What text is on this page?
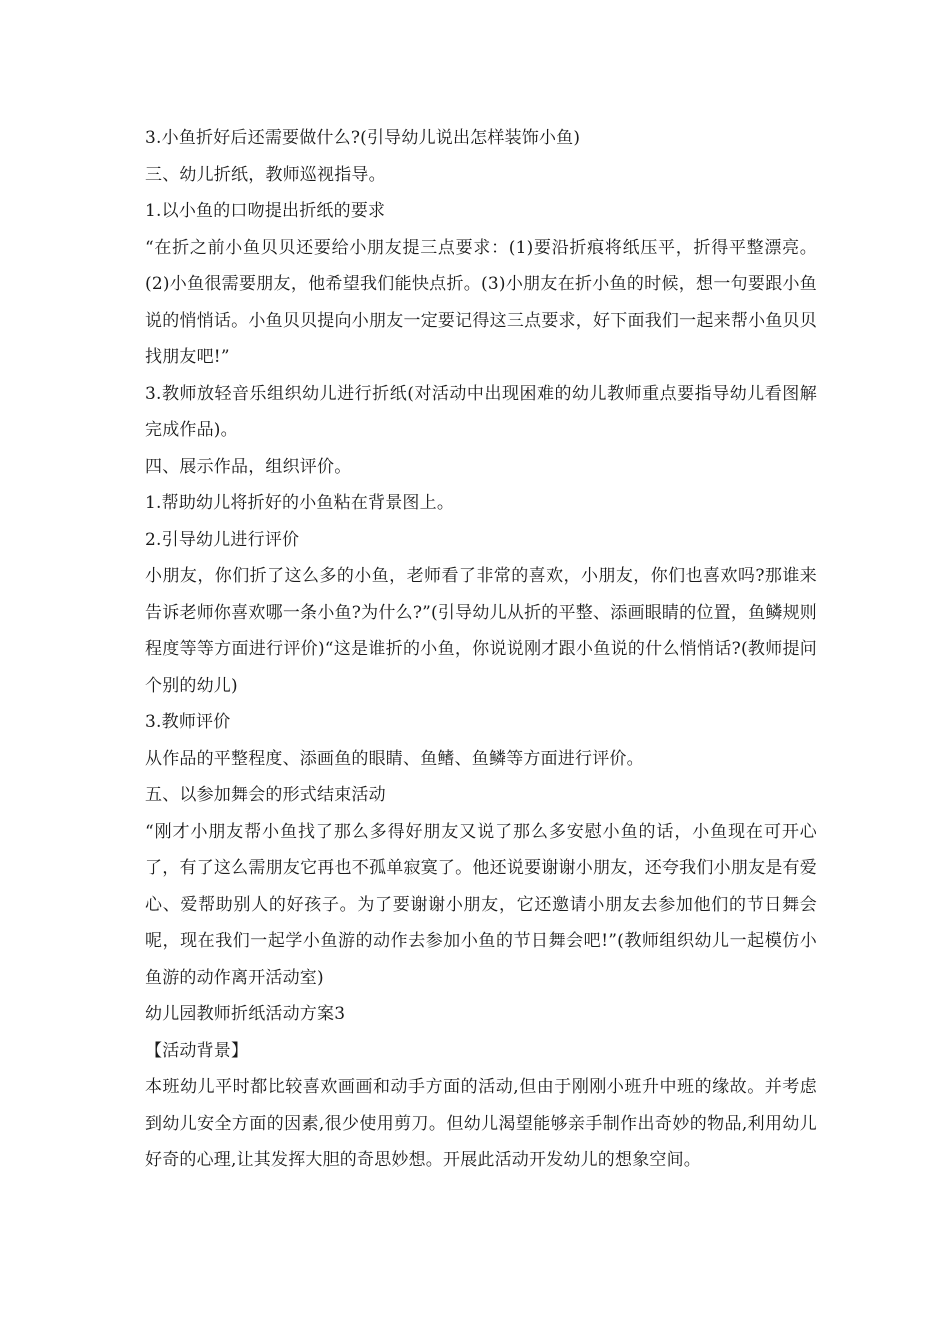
3.小鱼折好后还需要做什么?(引导幼儿说出怎样装饰小鱼)

三、幼儿折纸，教师巡视指导。

1.以小鱼的口吻提出折纸的要求

“在折之前小鱼贝贝还要给小朋友提三点要求：(1)要沿折痕将纸压平，折得平整漂亮。(2)小鱼很需要朋友，他希望我们能快点折。(3)小朋友在折小鱼的时候，想一句要跟小鱼说的悄悄话。小鱼贝贝提向小朋友一定要记得这三点要求，好下面我们一起来帮小鱼贝贝找朋友吧!”

3.教师放轻音乐组织幼儿进行折纸(对活动中出现困难的幼儿教师重点要指导幼儿看图解完成作品)。

四、展示作品，组织评价。

1.帮助幼儿将折好的小鱼粘在背景图上。

2.引导幼儿进行评价

小朋友，你们折了这么多的小鱼，老师看了非常的喜欢，小朋友，你们也喜欢吗?那谁来告诉老师你喜欢哪一条小鱼?为什么?”(引导幼儿从折的平整、添画眼睛的位置，鱼鳞规则程度等等方面进行评价)“这是谁折的小鱼，你说说刚才跟小鱼说的什么悄悄话?(教师提问个别的幼儿)

3.教师评价

从作品的平整程度、添画鱼的眼睛、鱼鳍、鱼鳞等方面进行评价。

五、以参加舞会的形式结束活动

“刚才小朋友帮小鱼找了那么多得好朋友又说了那么多安慰小鱼的话，小鱼现在可开心了，有了这么需朋友它再也不孤单寂寞了。他还说要谢谢小朋友，还夸我们小朋友是有爱心、爱帮助别人的好孩子。为了要谢谢小朋友，它还邀请小朋友去参加他们的节日舞会呢，现在我们一起学小鱼游的动作去参加小鱼的节日舞会吧!”(教师组织幼儿一起模仿小鱼游的动作离开活动室)

幼儿园教师折纸活动方案3

【活动背景】

本班幼儿平时都比较喜欢画画和动手方面的活动,但由于刚刚小班升中班的缘故。并考虑到幼儿安全方面的因素,很少使用剪刀。但幼儿渴望能够亲手制作出奇妙的物品,利用幼儿好奇的心理,让其发挥大胆的奇思妙想。开展此活动开发幼儿的想象空间。
